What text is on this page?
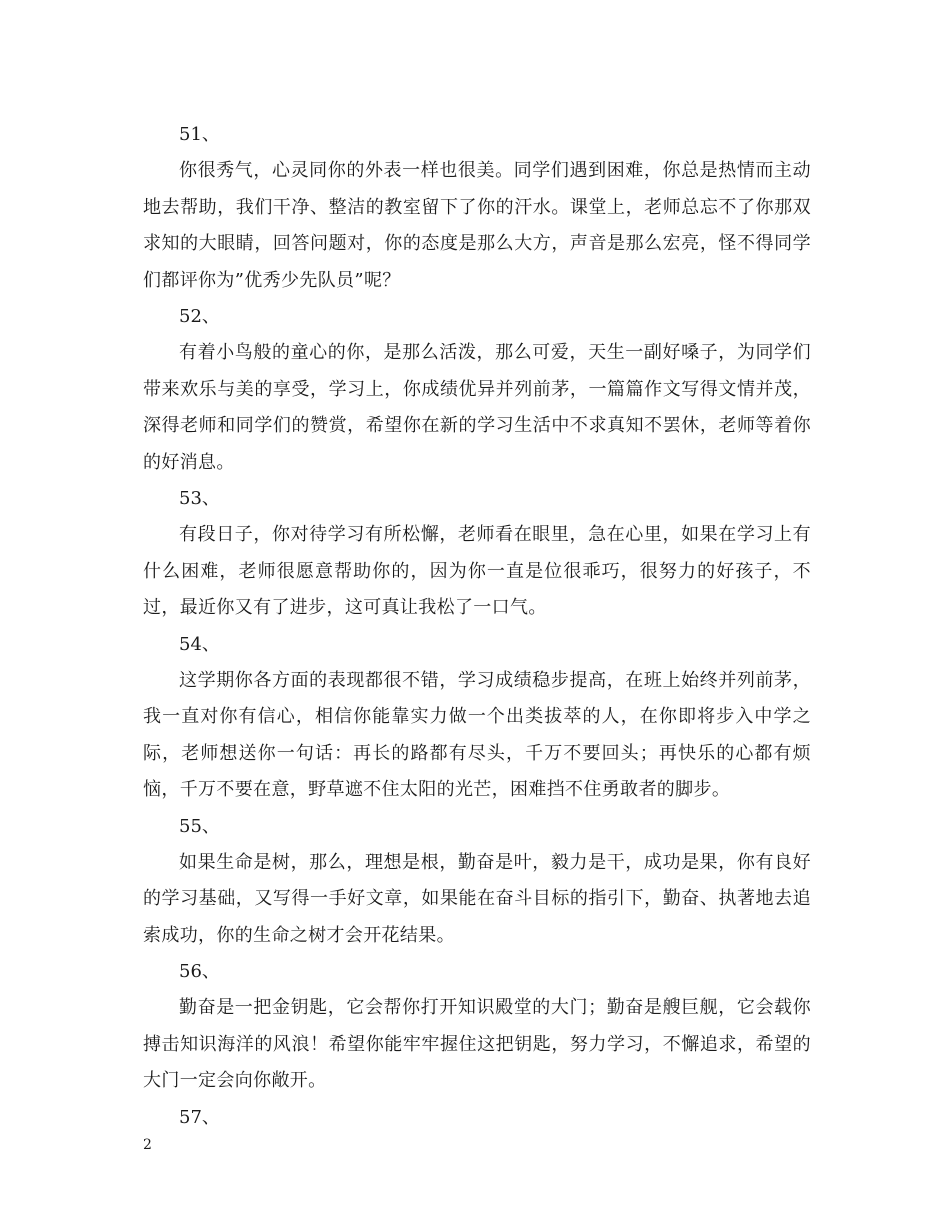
51、

你很秀气，心灵同你的外表一样也很美。同学们遇到困难，你总是热情而主动地去帮助，我们干净、整洁的教室留下了你的汗水。课堂上，老师总忘不了你那双求知的大眼睛，回答问题对，你的态度是那么大方，声音是那么宏亮，怪不得同学们都评你为”优秀少先队员”呢？

52、

有着小鸟般的童心的你，是那么活泼，那么可爱，天生一副好嗓子，为同学们带来欢乐与美的享受，学习上，你成绩优异并列前茅，一篇篇作文写得文情并茂，深得老师和同学们的赞赏，希望你在新的学习生活中不求真知不罢休，老师等着你的好消息。

53、

有段日子，你对待学习有所松懈，老师看在眼里，急在心里，如果在学习上有什么困难，老师很愿意帮助你的，因为你一直是位很乖巧，很努力的好孩子，不过，最近你又有了进步，这可真让我松了一口气。

54、

这学期你各方面的表现都很不错，学习成绩稳步提高，在班上始终并列前茅，我一直对你有信心，相信你能靠实力做一个出类拔萃的人，在你即将步入中学之际，老师想送你一句话：再长的路都有尽头，千万不要回头；再快乐的心都有烦恼，千万不要在意，野草遮不住太阳的光芒，困难挡不住勇敢者的脚步。

55、

如果生命是树，那么，理想是根，勤奋是叶，毅力是干，成功是果，你有良好的学习基础，又写得一手好文章，如果能在奋斗目标的指引下，勤奋、执著地去追索成功，你的生命之树才会开花结果。

56、

勤奋是一把金钥匙，它会帮你打开知识殿堂的大门；勤奋是艘巨舰，它会载你搏击知识海洋的风浪！希望你能牢牢握住这把钥匙，努力学习，不懈追求，希望的大门一定会向你敞开。

57、

2
